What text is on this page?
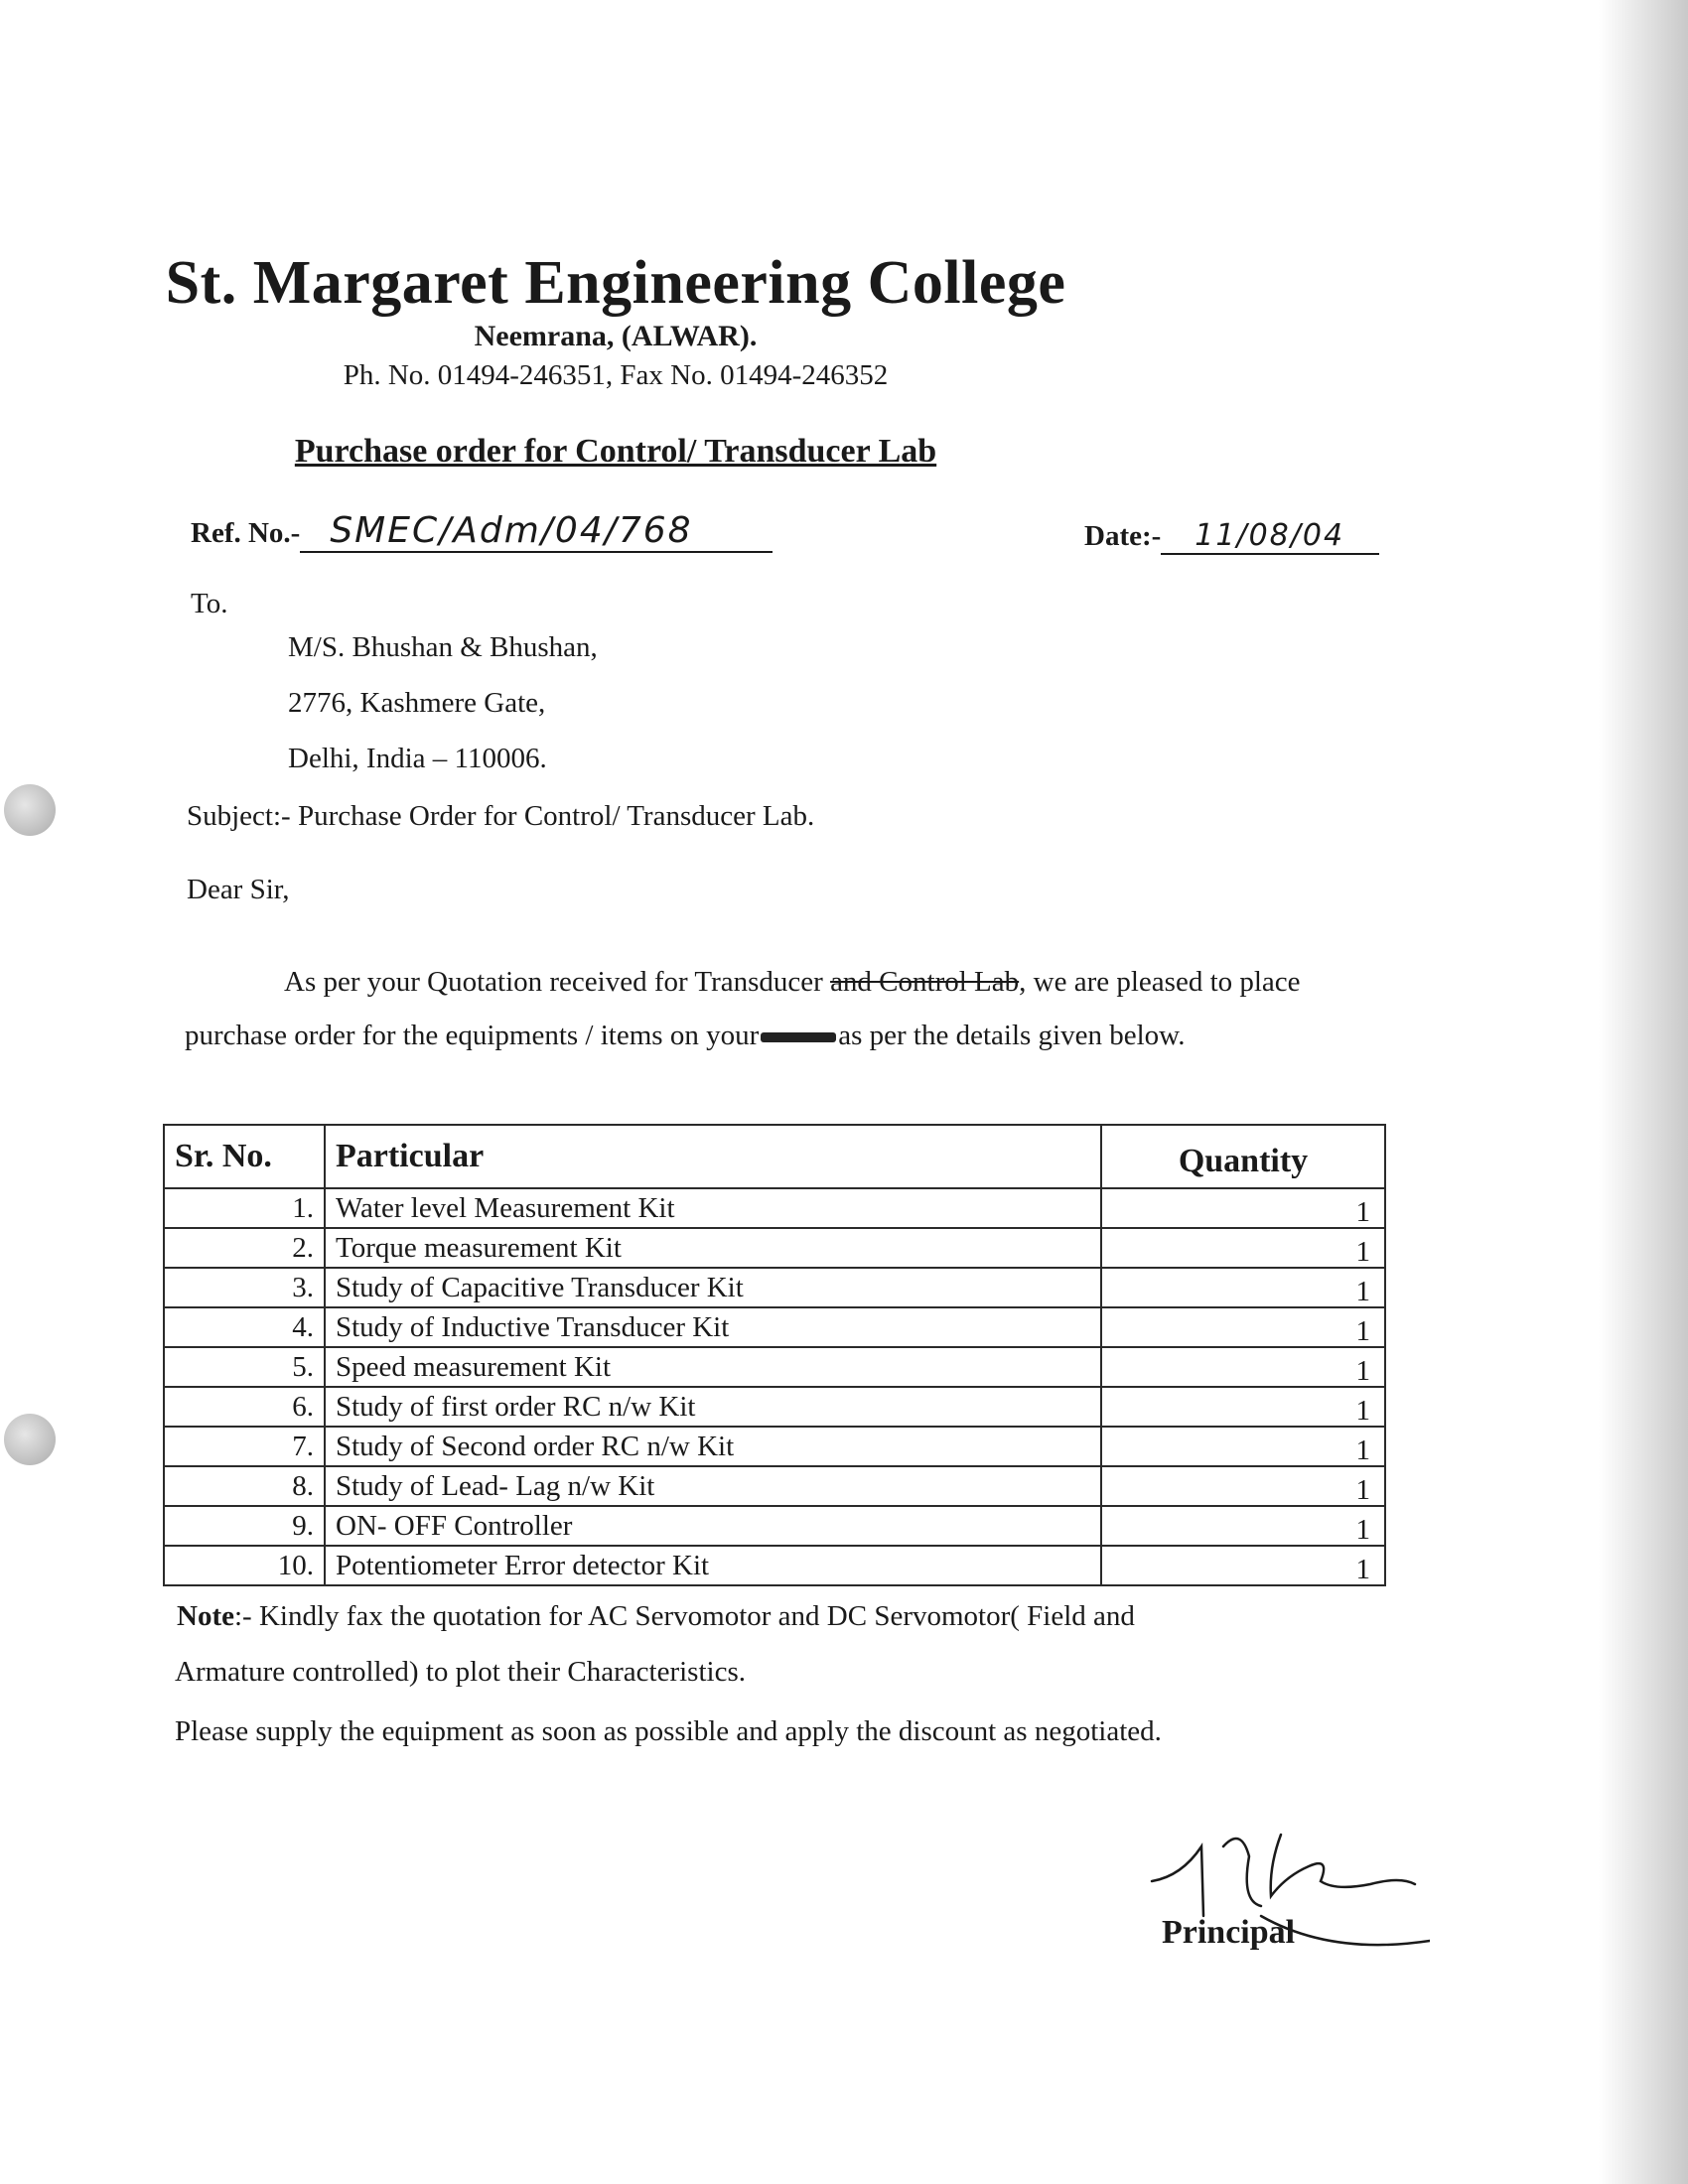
St. Margaret Engineering College
Neemrana, (ALWAR).
Ph. No. 01494-246351, Fax No. 01494-246352
Purchase order for Control/ Transducer Lab
Ref. No.- SMEC/Adm/04/768	Date:- 11/08/04
To.
M/S. Bhushan & Bhushan,
2776, Kashmere Gate,
Delhi, India – 110006.
Subject:- Purchase Order for Control/ Transducer Lab.
Dear Sir,
As per your Quotation received for Transducer and Control Lab, we are pleased to place purchase order for the equipments / items on your	as per the details given below.
Sr. No.	Particular	Quantity
1.	Water level Measurement Kit	1
2.	Torque measurement Kit	1
3.	Study of Capacitive Transducer Kit	1
4.	Study of Inductive Transducer Kit	1
5.	Speed measurement Kit	1
6.	Study of first order RC n/w Kit	1
7.	Study of Second order RC n/w Kit	1
8.	Study of Lead- Lag n/w Kit	1
9.	ON- OFF Controller	1
10.	Potentiometer Error detector Kit	1
Note:- Kindly fax the quotation for AC Servomotor and DC Servomotor( Field and
Armature controlled) to plot their Characteristics.
Please supply the equipment as soon as possible and apply the discount as negotiated.
Principal
